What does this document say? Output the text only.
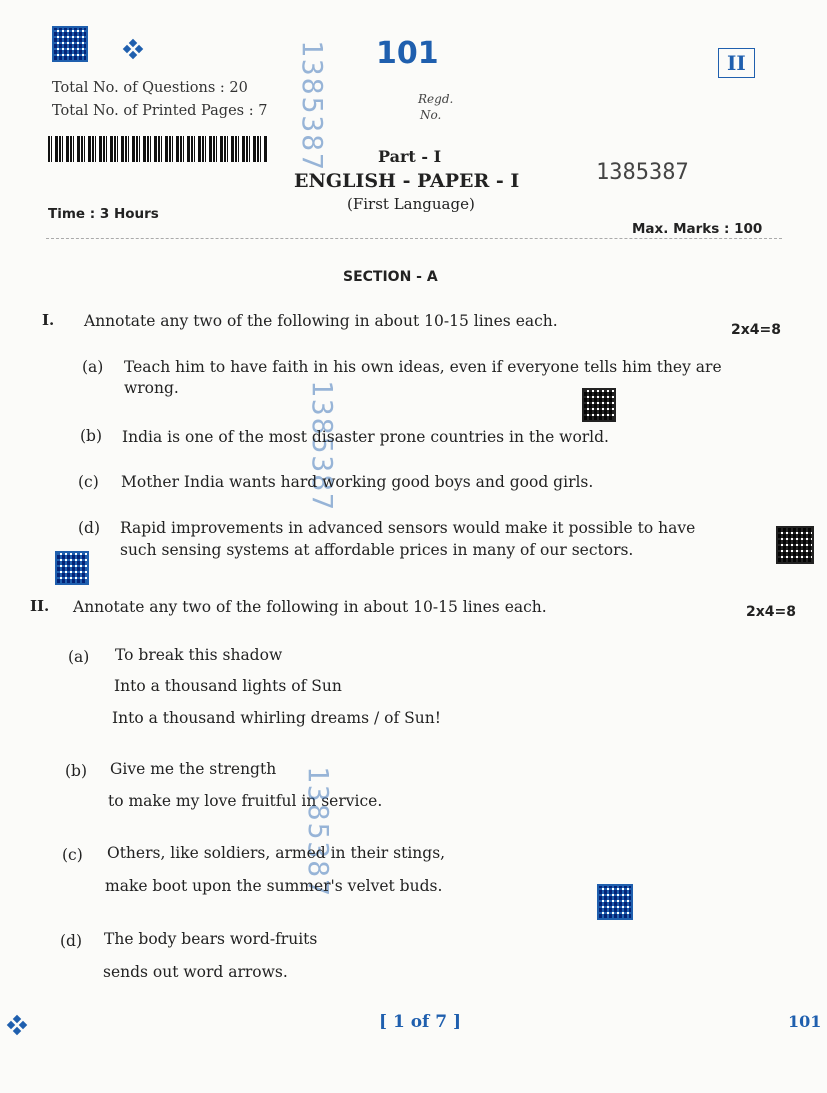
101	II
Total No. of Questions : 20
Total No. of Printed Pages : 7
Regd.
No.
1385387	Part - I
ENGLISH - PAPER - I
(First Language)
1385387
Time : 3 Hours
Max. Marks : 100
SECTION - A
I. Annotate any two of the following in about 10-15 lines each.	2x4=8
(a) Teach him to have faith in his own ideas, even if everyone tells him they are
wrong.	1385387
(b) India is one of the most disaster prone countries in the world.
(c) Mother India wants hard working good boys and good girls.
(d) Rapid improvements in advanced sensors would make it possible to have
such sensing systems at affordable prices in many of our sectors.
II. Annotate any two of the following in about 10-15 lines each.	2x4=8
(a) To break this shadow
Into a thousand lights of Sun
Into a thousand whirling dreams / of Sun!
(b) Give me the strength
to make my love fruitful in service.
1385387
(c) Others, like soldiers, armed in their stings,
make boot upon the summer's velvet buds.
(d) The body bears word-fruits
sends out word arrows.
[ 1 of 7 ]	101
